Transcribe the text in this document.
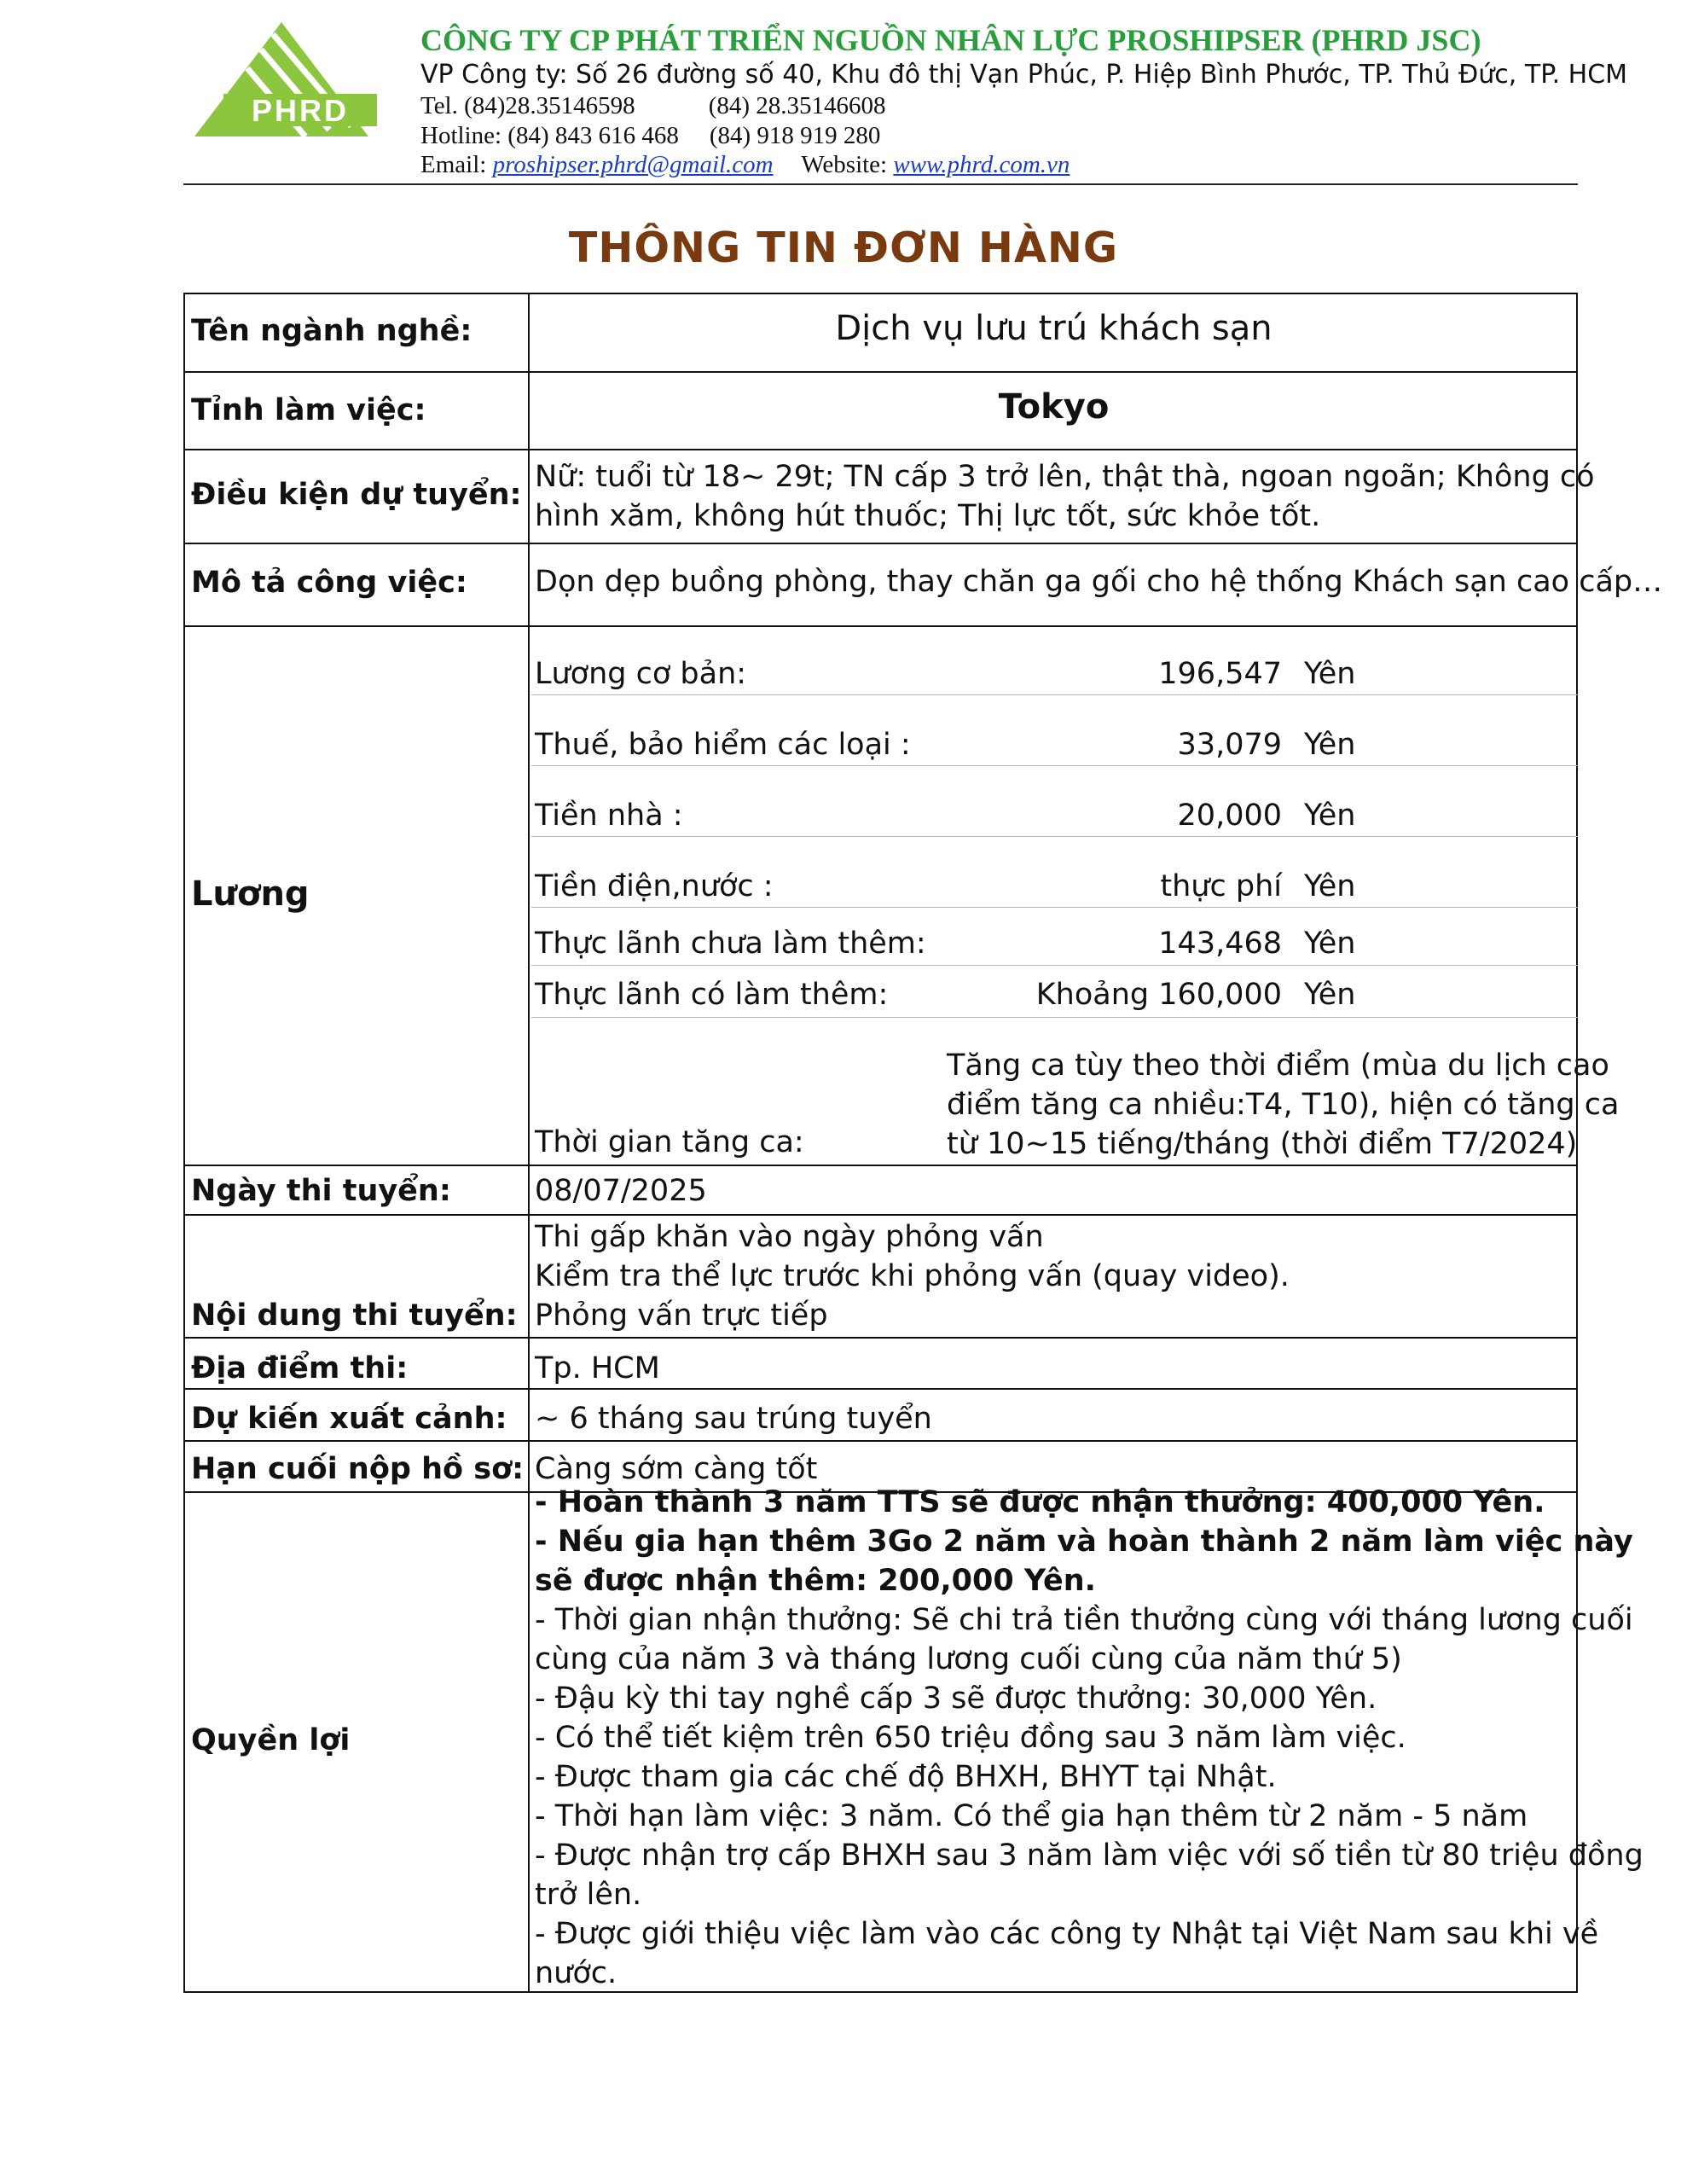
PHRD
CÔNG TY CP PHÁT TRIỂN NGUỒN NHÂN LỰC PROSHIPSER (PHRD JSC)
VP Công ty: Số 26 đường số 40, Khu đô thị Vạn Phúc, P. Hiệp Bình Phước, TP. Thủ Đức, TP. HCM
Tel. (84)28.35146598	(84) 28.35146608
Hotline: (84) 843 616 468 (84) 918 919 280
Email: proshipser.phrd@gmail.com Website: www.phrd.com.vn
THÔNG TIN ĐƠN HÀNG
Tên ngành nghề:	Dịch vụ lưu trú khách sạn
Tỉnh làm việc:	Tokyo
Điều kiện dự tuyển:
Nữ: tuổi từ 18~ 29t; TN cấp 3 trở lên, thật thà, ngoan ngoãn; Không có
hình xăm, không hút thuốc; Thị lực tốt, sức khỏe tốt.
Mô tả công việc: Dọn dẹp buồng phòng, thay chăn ga gối cho hệ thống Khách sạn cao cấp…
Lương
Lương cơ bản:	196,547 Yên
Thuế, bảo hiểm các loại :	33,079 Yên
Tiền nhà :	20,000 Yên
Tiền điện,nước :	thực phí Yên
Thực lãnh chưa làm thêm:	143,468 Yên
Thực lãnh có làm thêm:	Khoảng 160,000 Yên
Thời gian tăng ca:
Tăng ca tùy theo thời điểm (mùa du lịch cao
điểm tăng ca nhiều:T4, T10), hiện có tăng ca
từ 10~15 tiếng/tháng (thời điểm T7/2024)
Ngày thi tuyển:	08/07/2025
Nội dung thi tuyển:
Thi gấp khăn vào ngày phỏng vấn
Kiểm tra thể lực trước khi phỏng vấn (quay video).
Phỏng vấn trực tiếp
Địa điểm thi:	Tp. HCM
Dự kiến xuất cảnh: ~ 6 tháng sau trúng tuyển
Hạn cuối nộp hồ sơ: Càng sớm càng tốt
Quyền lợi
- Hoàn thành 3 năm TTS sẽ được nhận thưởng: 400,000 Yên.
- Nếu gia hạn thêm 3Go 2 năm và hoàn thành 2 năm làm việc này
sẽ được nhận thêm: 200,000 Yên.
- Thời gian nhận thưởng: Sẽ chi trả tiền thưởng cùng với tháng lương cuối
cùng của năm 3 và tháng lương cuối cùng của năm thứ 5)
- Đậu kỳ thi tay nghề cấp 3 sẽ được thưởng: 30,000 Yên.
- Có thể tiết kiệm trên 650 triệu đồng sau 3 năm làm việc.
- Được tham gia các chế độ BHXH, BHYT tại Nhật.
- Thời hạn làm việc: 3 năm. Có thể gia hạn thêm từ 2 năm - 5 năm
- Được nhận trợ cấp BHXH sau 3 năm làm việc với số tiền từ 80 triệu đồng
trở lên.
- Được giới thiệu việc làm vào các công ty Nhật tại Việt Nam sau khi về
nước.
